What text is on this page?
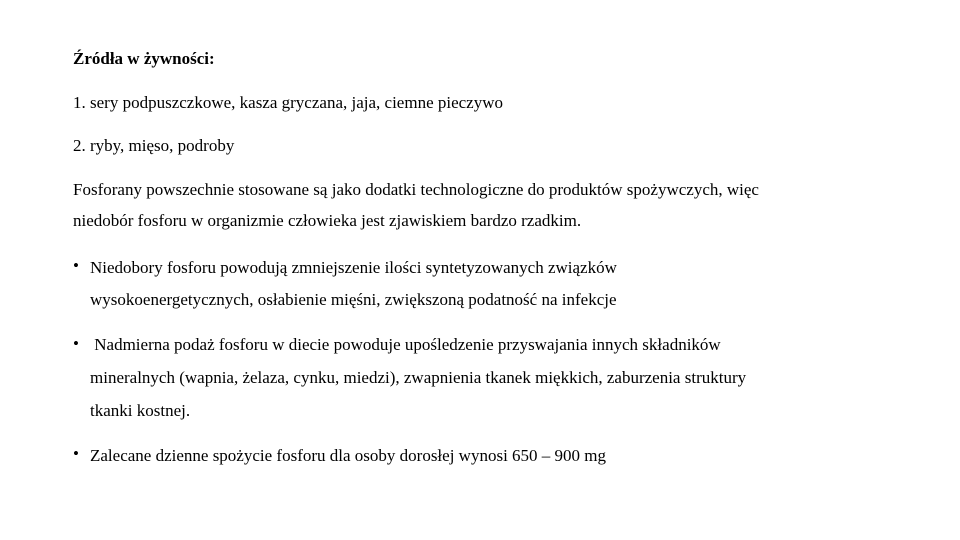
Źródła w żywności:
1. sery podpuszczkowe, kasza gryczana, jaja, ciemne pieczywo
2. ryby, mięso, podroby
Fosforany powszechnie stosowane są jako dodatki technologiczne do produktów spożywczych, więc
niedobór fosforu w organizmie człowieka jest zjawiskiem bardzo rzadkim.
• Niedobory fosforu powodują zmniejszenie ilości syntetyzowanych związków
wysokoenergetycznych, osłabienie mięśni, zwiększoną podatność na infekcje
• Nadmierna podaż fosforu w diecie powoduje upośledzenie przyswajania innych składników
mineralnych (wapnia, żelaza, cynku, miedzi), zwapnienia tkanek miękkich, zaburzenia struktury
tkanki kostnej.
• Zalecane dzienne spożycie fosforu dla osoby dorosłej wynosi 650 – 900 mg
